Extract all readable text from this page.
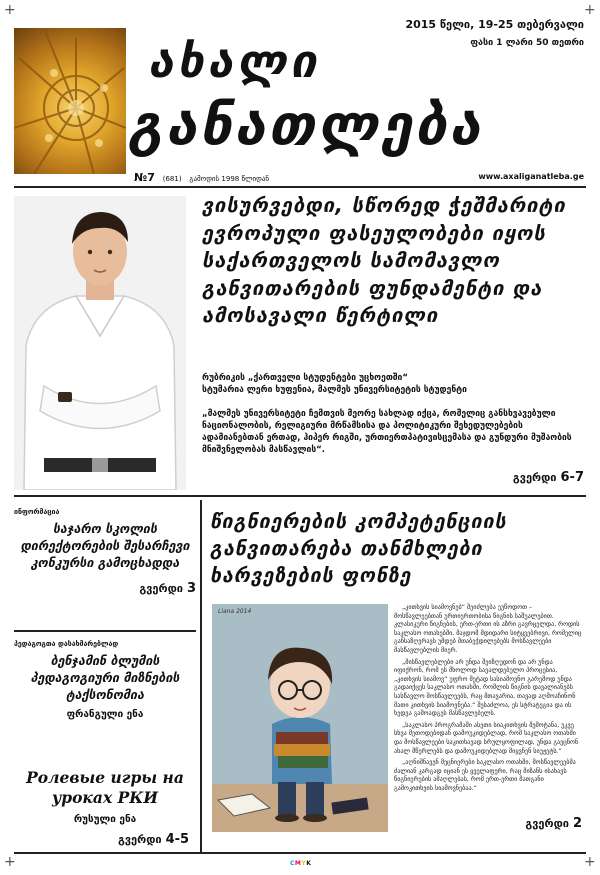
+	+
+	+
ახალი
განათლება
2015 წელი, 19-25 თებერვალი
ფასი 1 ლარი 50 თეთრი
№7 (681) გამოდის 1998 წლიდან	www.axaliganatleba.ge
ვისურვებდი, სწორედ ჭეშმარიტი ევროპული ფასეულობები იყოს საქართველოს სამომავლო განვითარების ფუნდამენტი და ამოსავალი წერტილი
რუბრიკის „ქართველი სტუდენტები უცხოეთში“
სტუმარია ლერი ხუფენია, მალმეს უნივერსიტეტის სტუდენტი
„მალმეს უნივერსიტეტი ჩემთვის მეორე სახლად იქცა, რომელიც განსხვავებული ნაციონალობის, რელიგიური მრწამსისა და პოლიტიკური შეხედულებების ადამიანებთან ერთად, ჰიპერ რიგში, ურთიერთპატივისცემასა და გუნდური მუშაობის მნიშვნელობას მასწავლის“.
გვერდი 6-7
ინფორმაცია
საჯარო სკოლის დირექტორების შესარჩევი კონკურსი გამოცხადდა
გვერდი 3
პედაგოგთა დასახმარებლად
ბენჯამინ ბლუმის პედაგოგიური მიზნების ტაქსონომია
ფრანგული ენა
Ролевые игры на уроках РКИ
რუსული ენა
გვერდი 4-5
წიგნიერების კომპეტენციის განვითარება თანმხლები ხარვეზების ფონზე
Liana 2014

„კითხვის სიამოვნებ“ შეიძლება ეუწოდოთ – მოსწავლეებთან ურთიერთობისა წიგნის საშუალებით. კლასიკური წიგნების, ერთ-ერთი ის აზრი გავრცელდა, როდის საკლასო ოთახებში, მაჯდომ მდიდარი სიტყვებრივი, რომელიც განსაზღვრავს უმდებ შთაბეჭდილებებს მოსწავლეები მასწავლებლის მიერ.

„მისწავლებლები არ უნდა შეიზღუდონ და არ უნდა იფიქრონ, რომ ეს მხოლოდ სავალდებულო პროცესია, „კითხვის სიამოვ“ უფრო მეტად სასიამოვნო გარემოდ უნდა გადაიქცეს საკლასო ოთახში, რომლის წიგნის დავალიანებს სასწავლო მოსწავლეებს, რაც მთავარია, თავად აღმოაჩინონ მათი კითხვის სიამოვნება.“ შესაძლოა, ეს სტრატეგია და ის ხედვა გამოადგეს მასწავლებელს.

„საკლასო პროგრამაში ასეთი სიაკითხვის შემოტანა, უკვე სხვა მეთოდებიდან დამოუკიდებლად, რომ საკლასო ოთახში და მოსწავლეები საკითხავად სრულყოფილად, უნდა გაეცნონ ახალ მწერლებს და დამოუკიდებლად მიყვნენ სიუჟეტს.“

„აღნიშნავენ მეცნიერები საკლასო ოთახში, მოსწავლეებმა ძალიან კარგად იციან ეს ყველაფერი, რაც მიზანს ისახავს წიგნიერების ამაღლებას, რომ ერთ-ერთი მათგანი გამოკითხვის სიამოვნებაა.“

გვერდი 2
CMYK
